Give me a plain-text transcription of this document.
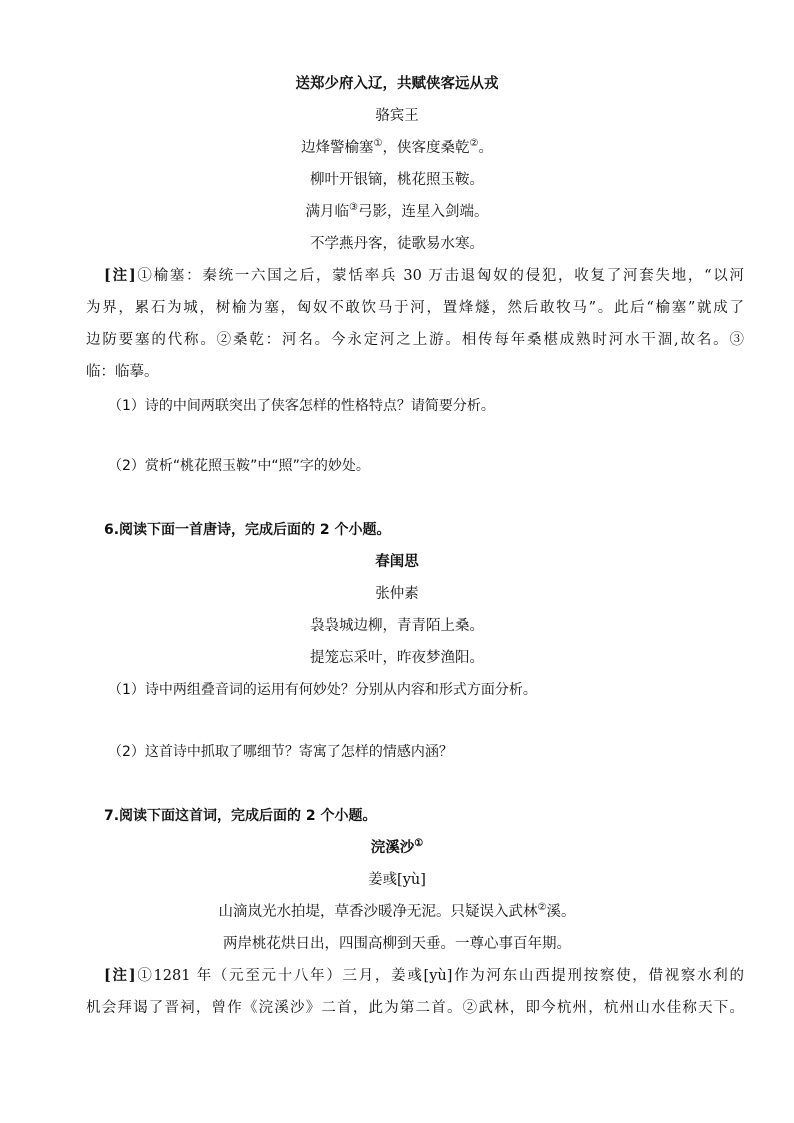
送郑少府入辽，共赋侠客远从戎
骆宾王
边烽警榆塞①，侠客度桑乾②。
柳叶开银镝，桃花照玉鞍。
满月临③弓影，连星入剑端。
不学燕丹客，徒歌易水寒。
[注]①榆塞：秦统一六国之后，蒙恬率兵 30 万击退匈奴的侵犯，收复了河套失地，“以河
为界，累石为城，树榆为塞，匈奴不敢饮马于河，置烽燧，然后敢牧马”。此后“榆塞”就成了
边防要塞的代称。②桑乾：河名。今永定河之上游。相传每年桑椹成熟时河水干涸,故名。③
临：临摹。
（1）诗的中间两联突出了侠客怎样的性格特点？请简要分析。
（2）赏析“桃花照玉鞍”中“照”字的妙处。
6.阅读下面一首唐诗，完成后面的 2 个小题。
春闺思
张仲素
袅袅城边柳，青青陌上桑。
提笼忘采叶，昨夜梦渔阳。
（1）诗中两组叠音词的运用有何妙处？分别从内容和形式方面分析。
（2）这首诗中抓取了哪细节？寄寓了怎样的情感内涵？
7.阅读下面这首词，完成后面的 2 个小题。
浣溪沙①
姜彧[yù]
山滴岚光水拍堤，草香沙暖净无泥。只疑误入武林②溪。
两岸桃花烘日出，四围高柳到天垂。一尊心事百年期。
[注]①1281 年（元至元十八年）三月，姜彧[yù]作为河东山西提刑按察使，借视察水利的
机会拜谒了晋祠，曾作《浣溪沙》二首，此为第二首。②武林，即今杭州，杭州山水佳称天下。
